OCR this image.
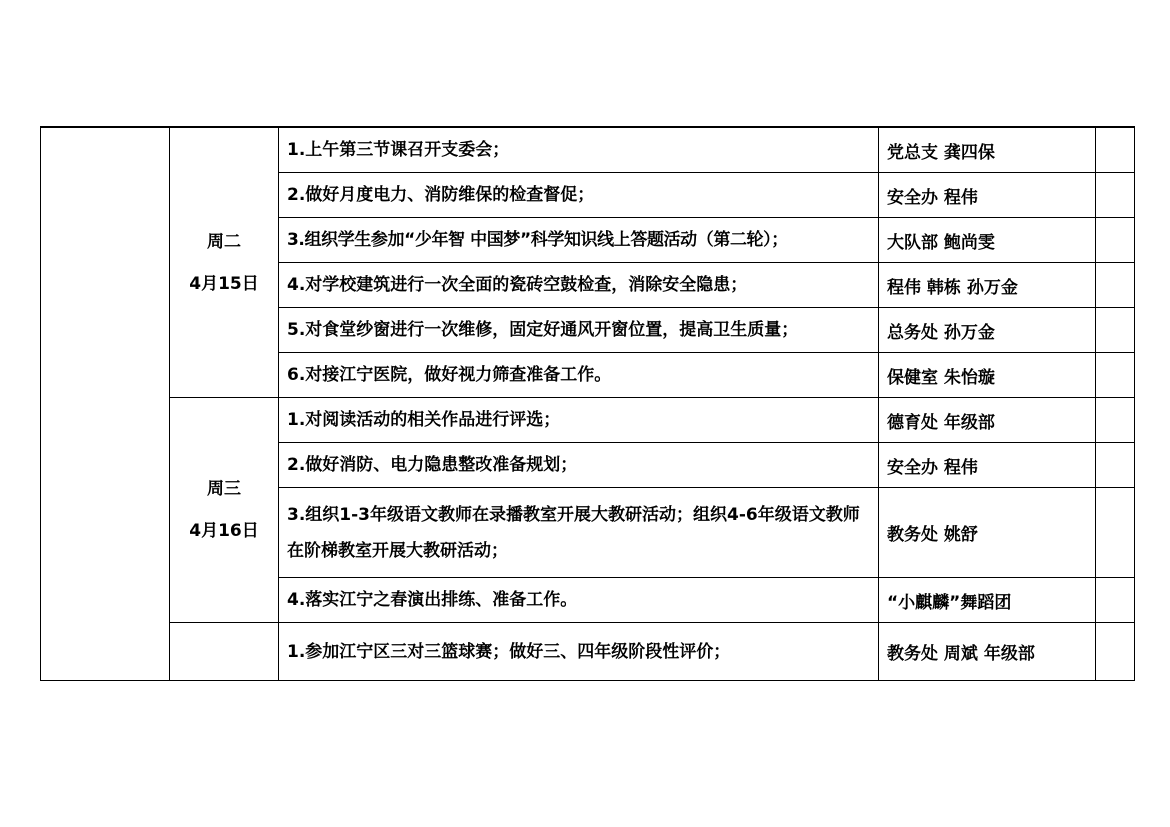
	周二
4月15日	1.上午第三节课召开支委会；	党总支 龚四保	
		2.做好月度电力、消防维保的检查督促；	安全办 程伟	
		3.组织学生参加“少年智 中国梦”科学知识线上答题活动（第二轮）；	大队部 鲍尚雯	
		4.对学校建筑进行一次全面的瓷砖空鼓检查，消除安全隐患；	程伟 韩栋 孙万金	
		5.对食堂纱窗进行一次维修，固定好通风开窗位置，提高卫生质量；	总务处 孙万金	
		6.对接江宁医院，做好视力筛查准备工作。	保健室 朱怡璇	

	周三
4月16日	1.对阅读活动的相关作品进行评选；	德育处 年级部	
		2.做好消防、电力隐患整改准备规划；	安全办 程伟	
		3.组织1-3年级语文教师在录播教室开展大教研活动；组织4-6年级语文教师在阶梯教室开展大教研活动；	教务处 姚舒	
		4.落实江宁之春演出排练、准备工作。	“小麒麟”舞蹈团	

		1.参加江宁区三对三篮球赛；做好三、四年级阶段性评价；	教务处 周斌 年级部	
